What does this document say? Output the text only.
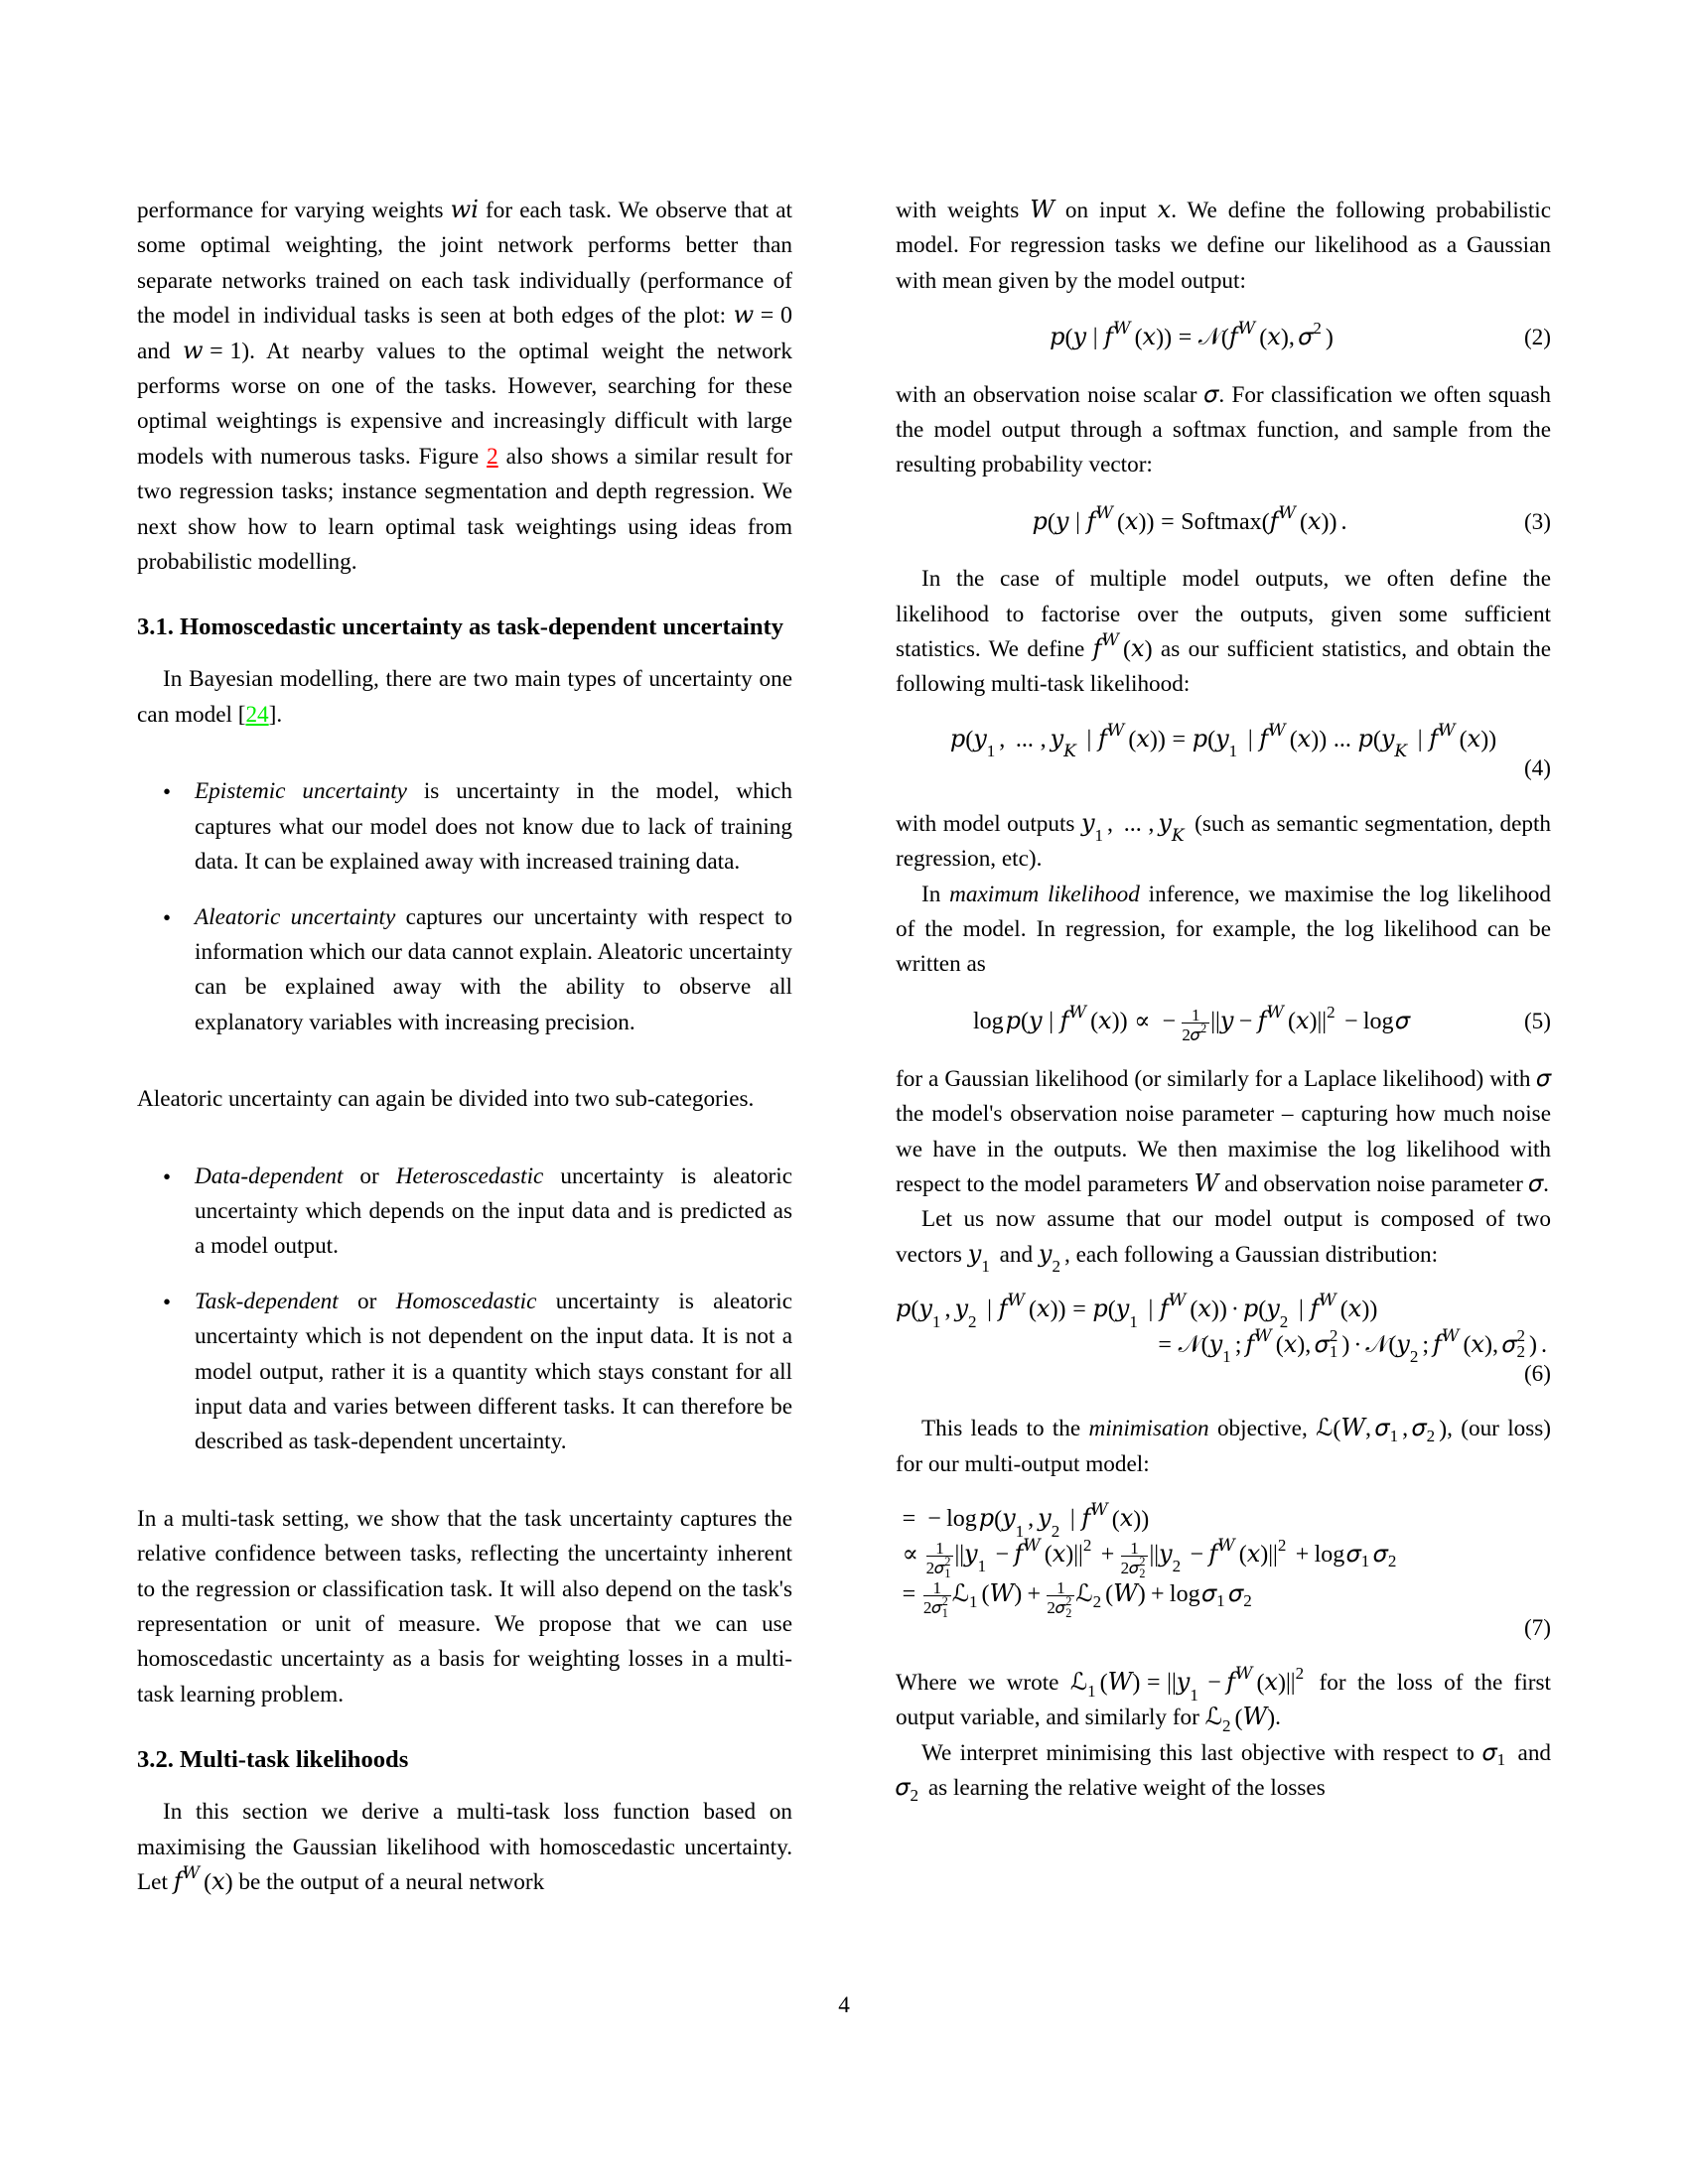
performance for varying weights w i for each task. We observe that at some optimal weighting, the joint network performs better than separate networks trained on each task individually (performance of the model in individual tasks is seen at both edges of the plot: w = 0
and w = 1 ). At nearby values to the optimal weight the network performs worse on one of the tasks. However, searching for these optimal weightings is expensive and increasingly difficult with large models with numerous tasks. Figure 2 also shows a similar result for two regression tasks; instance segmentation and depth regression. We next show how to learn optimal task weightings using ideas from probabilistic modelling.

3.1. Homoscedastic uncertainty as task-dependent uncertainty

In Bayesian modelling, there are two main types of uncertainty one can model [24].

• Epistemic uncertainty is uncertainty in the model, which captures what our model does not know due to lack of training data. It can be explained away with increased training data.
• Aleatoric uncertainty captures our uncertainty with respect to information which our data cannot explain. Aleatoric uncertainty can be explained away with the ability to observe all explanatory variables with increasing precision.

Aleatoric uncertainty can again be divided into two sub-categories.

• Data-dependent or Heteroscedastic uncertainty is aleatoric uncertainty which depends on the input data and is predicted as a model output.
• Task-dependent or Homoscedastic uncertainty is aleatoric uncertainty which is not dependent on the input data. It is not a model output, rather it is a quantity which stays constant for all input data and varies between different tasks. It can therefore be described as task-dependent uncertainty.

In a multi-task setting, we show that the task uncertainty captures the relative confidence between tasks, reflecting the uncertainty inherent to the regression or classification task. It will also depend on the task's representation or unit of measure. We propose that we can use homoscedastic uncertainty as a basis for weighting losses in a multi-task learning problem.

3.2. Multi-task likelihoods

In this section we derive a multi-task loss function based on maximising the Gaussian likelihood with homoscedastic uncertainty. Let f W
( x ) be the output of a neural network

with weights W on input x . We define the following probabilistic model. For regression tasks we define our likelihood as a Gaussian with mean given by the model output:

𝑝 ( y | f W
( x ) ) = 𝒩 ( f W
( x ) , σ 2
)	(2)

with an observation noise scalar σ . For classification we often squash the model output through a softmax function, and sample from the resulting probability vector:

𝑝 ( y | f W
( x ) ) = Softmax ( f W
( x ) ) .	(3)

In the case of multiple model outputs, we often define the likelihood to factorise over the outputs, given some sufficient statistics. We define f W
( x ) as our sufficient statistics, and obtain the following multi-task likelihood:

𝑝 ( y 1 , ... , y K | f W
( x ) ) = p ( y 1 | f W
( x ) ) ... p ( y K | f W
( x ) )
(4)

with model outputs y 1 , ... , y K (such as semantic segmentation, depth regression, etc).

In maximum likelihood inference, we maximise the log likelihood of the model. In regression, for example, the log likelihood can be written as

log p ( y | f W
( x ) ) ∝ − 1
2 σ 2 || y − f W
( x ) || 2 − log σ	(5)

for a Gaussian likelihood (or similarly for a Laplace likelihood) with σ
the model's observation noise parameter – capturing how much noise we have in the outputs. We then maximise the log likelihood with respect to the model parameters W and observation noise parameter σ .

Let us now assume that our model output is composed of two vectors y 1 and y 2 , each following a Gaussian distribution:

𝑝 ( y 1 , y 2 | f W
( x ) ) = p ( y 1 | f W
( x ) ) · p ( y 2 | f W
( x ) )
= 𝒩 ( y 1 ; f W
( x ) , σ 1
2
) · 𝒩 ( y 2 ; f W
( x ) , σ 2
2
) .
(6)

This leads to the minimisation objective, ℒ ( W , σ 1 , σ 2 ) , (our loss) for our multi-output model:

= − log p ( y 1 , y 2 | f W
( x ) )
∝ 1
2 σ 1
2 || y 1 − f W
( x ) || 2 + 1
2 σ 2
2 || y 2 − f W
( x ) || 2 + log σ 1 σ 2
= 1
2 σ 1
2 ℒ 1 ( W ) + 1
2 σ 2
2 ℒ 2 ( W ) + log σ 1 σ 2
(7)

Where we wrote ℒ 1 ( W ) = || y 1 − f W
( x ) || 2 for the loss of the first output variable, and similarly for ℒ 2 ( W ) .

We interpret minimising this last objective with respect to σ 1 and
𝜎 2 as learning the relative weight of the losses

4
